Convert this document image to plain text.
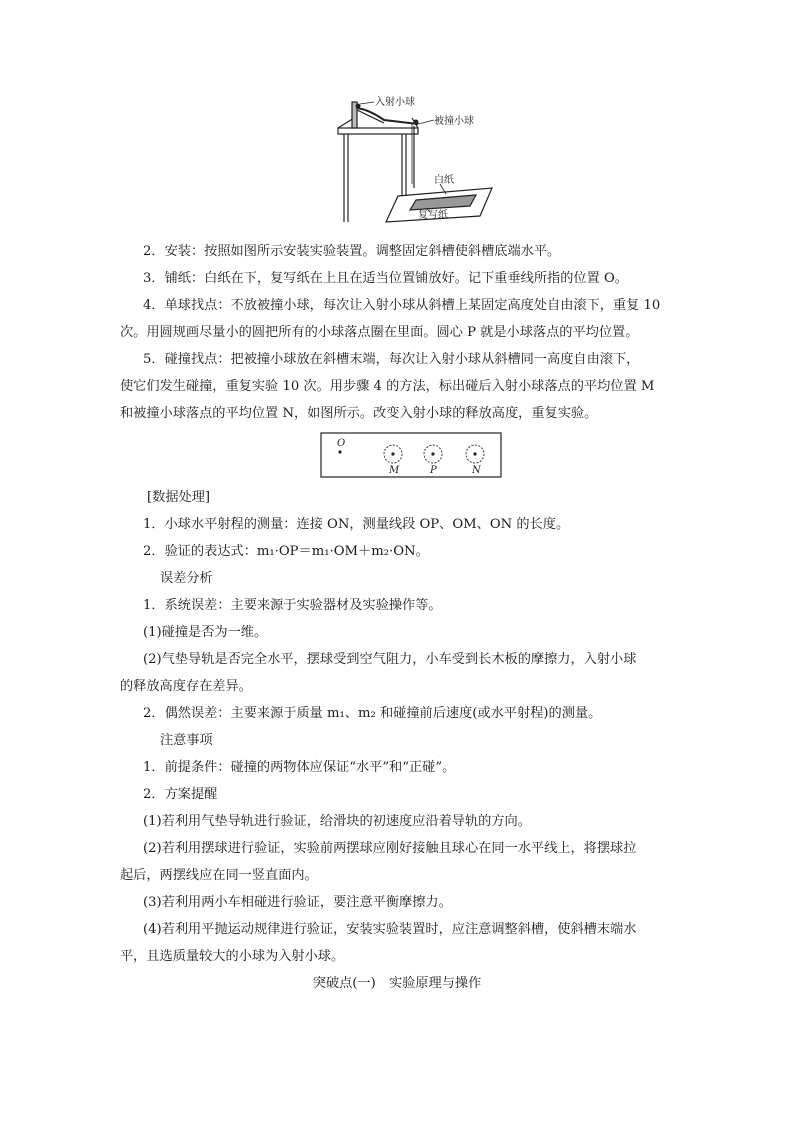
入射小球
被撞小球
白纸
复写纸
2．安装：按照如图所示安装实验装置。调整固定斜槽使斜槽底端水平。
3．铺纸：白纸在下，复写纸在上且在适当位置铺放好。记下重垂线所指的位置 O。
4．单球找点：不放被撞小球，每次让入射小球从斜槽上某固定高度处自由滚下，重复 10
次。用圆规画尽量小的圆把所有的小球落点圈在里面。圆心 P 就是小球落点的平均位置。
5．碰撞找点：把被撞小球放在斜槽末端，每次让入射小球从斜槽同一高度自由滚下，
使它们发生碰撞，重复实验 10 次。用步骤 4 的方法，标出碰后入射小球落点的平均位置 M
和被撞小球落点的平均位置 N，如图所示。改变入射小球的释放高度，重复实验。
O
M	P	N
[数据处理]
1．小球水平射程的测量：连接 ON，测量线段 OP、OM、ON 的长度。
2．验证的表达式：m₁·OP＝m₁·OM＋m₂·ON。
误差分析
1．系统误差：主要来源于实验器材及实验操作等。
(1)碰撞是否为一维。
(2)气垫导轨是否完全水平，摆球受到空气阻力，小车受到长木板的摩擦力，入射小球
的释放高度存在差异。
2．偶然误差：主要来源于质量 m₁、m₂ 和碰撞前后速度(或水平射程)的测量。
注意事项
1．前提条件：碰撞的两物体应保证“水平”和“正碰”。
2．方案提醒
(1)若利用气垫导轨进行验证，给滑块的初速度应沿着导轨的方向。
(2)若利用摆球进行验证，实验前两摆球应刚好接触且球心在同一水平线上，将摆球拉
起后，两摆线应在同一竖直面内。
(3)若利用两小车相碰进行验证，要注意平衡摩擦力。
(4)若利用平抛运动规律进行验证，安装实验装置时，应注意调整斜槽，使斜槽末端水
平，且选质量较大的小球为入射小球。
突破点(一)　实验原理与操作
